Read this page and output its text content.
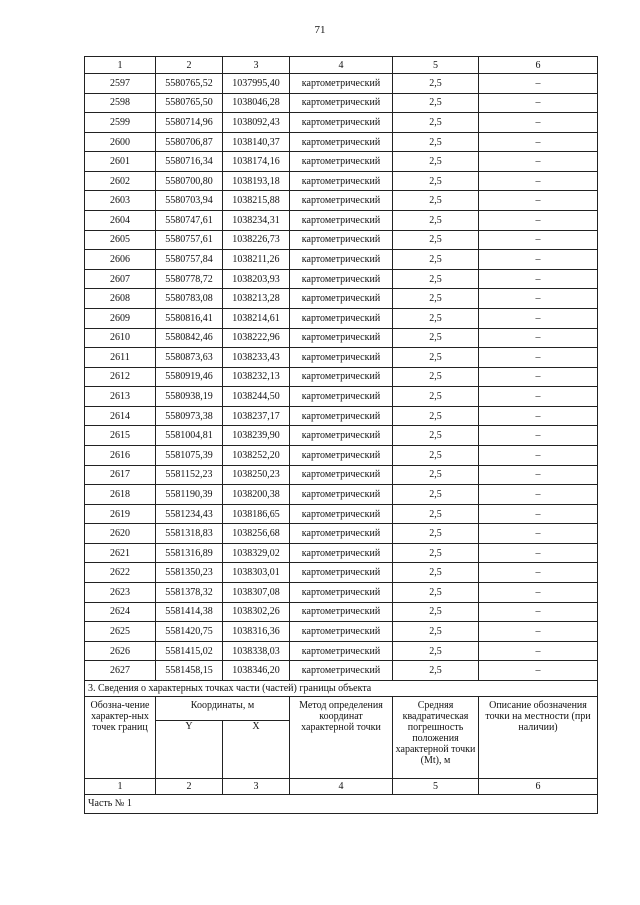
71
1	2	3	4	5	6
2597	5580765,52	1037995,40	картометрический	2,5	–
2598	5580765,50	1038046,28	картометрический	2,5	–
2599	5580714,96	1038092,43	картометрический	2,5	–
2600	5580706,87	1038140,37	картометрический	2,5	–
2601	5580716,34	1038174,16	картометрический	2,5	–
2602	5580700,80	1038193,18	картометрический	2,5	–
2603	5580703,94	1038215,88	картометрический	2,5	–
2604	5580747,61	1038234,31	картометрический	2,5	–
2605	5580757,61	1038226,73	картометрический	2,5	–
2606	5580757,84	1038211,26	картометрический	2,5	–
2607	5580778,72	1038203,93	картометрический	2,5	–
2608	5580783,08	1038213,28	картометрический	2,5	–
2609	5580816,41	1038214,61	картометрический	2,5	–
2610	5580842,46	1038222,96	картометрический	2,5	–
2611	5580873,63	1038233,43	картометрический	2,5	–
2612	5580919,46	1038232,13	картометрический	2,5	–
2613	5580938,19	1038244,50	картометрический	2,5	–
2614	5580973,38	1038237,17	картометрический	2,5	–
2615	5581004,81	1038239,90	картометрический	2,5	–
2616	5581075,39	1038252,20	картометрический	2,5	–
2617	5581152,23	1038250,23	картометрический	2,5	–
2618	5581190,39	1038200,38	картометрический	2,5	–
2619	5581234,43	1038186,65	картометрический	2,5	–
2620	5581318,83	1038256,68	картометрический	2,5	–
2621	5581316,89	1038329,02	картометрический	2,5	–
2622	5581350,23	1038303,01	картометрический	2,5	–
2623	5581378,32	1038307,08	картометрический	2,5	–
2624	5581414,38	1038302,26	картометрический	2,5	–
2625	5581420,75	1038316,36	картометрический	2,5	–
2626	5581415,02	1038338,03	картометрический	2,5	–
2627	5581458,15	1038346,20	картометрический	2,5	–
3. Сведения о характерных точках части (частей) границы объекта					
Обозна-чение характер-ных точек границ	Координаты, м		Метод определения координат характерной точки	Средняя квадратическая погрешность положения характерной точки (Mt), м	Описание обозначения точки на местности (при наличии)
	Y	X			
1	2	3	4	5	6
Часть № 1					
